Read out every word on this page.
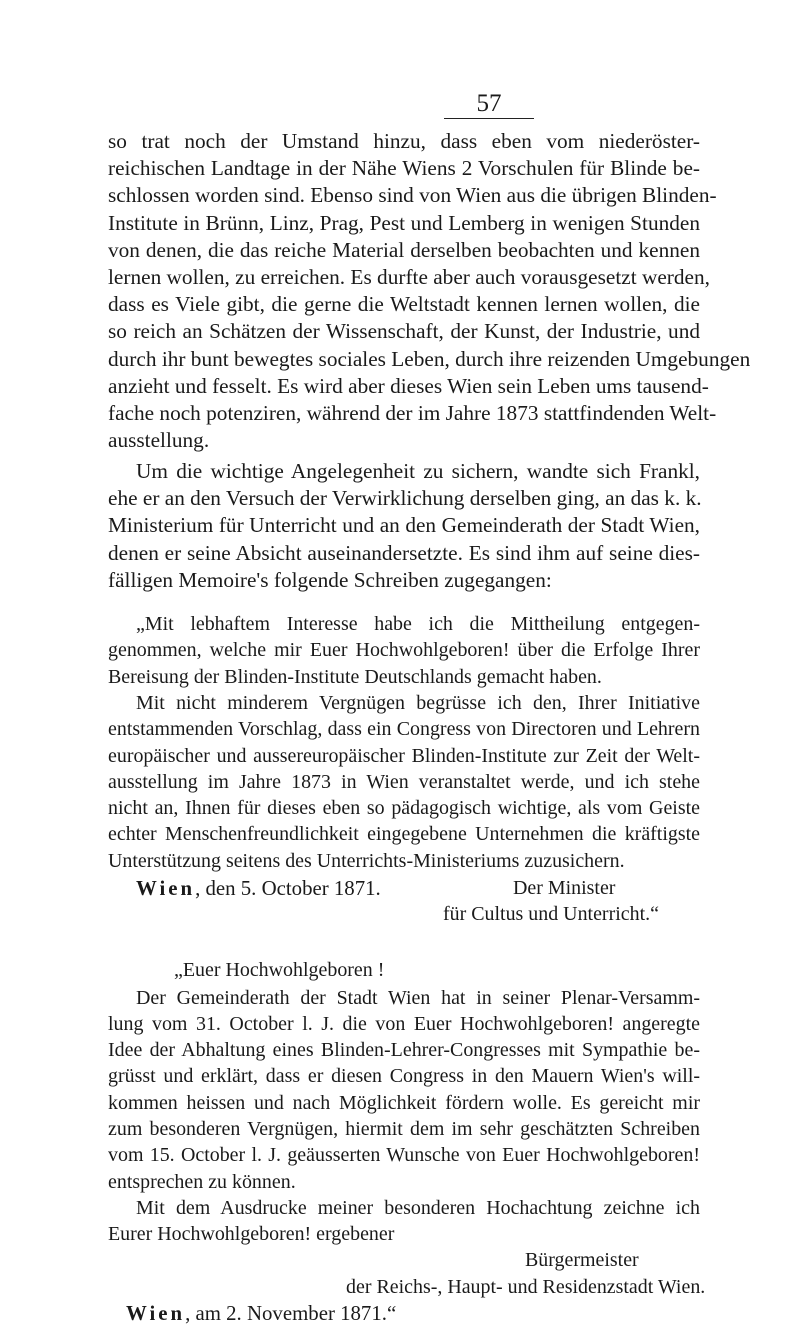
57
so trat noch der Umstand hinzu, dass eben vom niederöster-
reichischen Landtage in der Nähe Wiens 2 Vorschulen für Blinde be-
schlossen worden sind. Ebenso sind von Wien aus die übrigen Blinden-
Institute in Brünn, Linz, Prag, Pest und Lemberg in wenigen Stunden
von denen, die das reiche Material derselben beobachten und kennen
lernen wollen, zu erreichen. Es durfte aber auch vorausgesetzt werden,
dass es Viele gibt, die gerne die Weltstadt kennen lernen wollen, die
so reich an Schätzen der Wissenschaft, der Kunst, der Industrie, und
durch ihr bunt bewegtes sociales Leben, durch ihre reizenden Umgebungen
anzieht und fesselt. Es wird aber dieses Wien sein Leben ums tausend-
fache noch potenziren, während der im Jahre 1873 stattfindenden Welt-
ausstellung.
Um die wichtige Angelegenheit zu sichern, wandte sich Frankl,
ehe er an den Versuch der Verwirklichung derselben ging, an das k. k.
Ministerium für Unterricht und an den Gemeinderath der Stadt Wien,
denen er seine Absicht auseinandersetzte. Es sind ihm auf seine dies-
fälligen Memoire's folgende Schreiben zugegangen:
„Mit lebhaftem Interesse habe ich die Mittheilung entgegen-
genommen, welche mir Euer Hochwohlgeboren! über die Erfolge Ihrer
Bereisung der Blinden-Institute Deutschlands gemacht haben.
Mit nicht minderem Vergnügen begrüsse ich den, Ihrer Initiative
entstammenden Vorschlag, dass ein Congress von Directoren und Lehrern
europäischer und aussereuropäischer Blinden-Institute zur Zeit der Welt-
ausstellung im Jahre 1873 in Wien veranstaltet werde, und ich stehe
nicht an, Ihnen für dieses eben so pädagogisch wichtige, als vom Geiste
echter Menschenfreundlichkeit eingegebene Unternehmen die kräftigste
Unterstützung seitens des Unterrichts-Ministeriums zuzusichern.
Wien, den 5. October 1871.	Der Minister
für Cultus und Unterricht.“
„Euer Hochwohlgeboren !
Der Gemeinderath der Stadt Wien hat in seiner Plenar-Versamm-
lung vom 31. October l. J. die von Euer Hochwohlgeboren! angeregte
Idee der Abhaltung eines Blinden-Lehrer-Congresses mit Sympathie be-
grüsst und erklärt, dass er diesen Congress in den Mauern Wien's will-
kommen heissen und nach Möglichkeit fördern wolle. Es gereicht mir
zum besonderen Vergnügen, hiermit dem im sehr geschätzten Schreiben
vom 15. October l. J. geäusserten Wunsche von Euer Hochwohlgeboren!
entsprechen zu können.
Mit dem Ausdrucke meiner besonderen Hochachtung zeichne ich
Eurer Hochwohlgeboren! ergebener
Bürgermeister
der Reichs-, Haupt- und Residenzstadt Wien.
Wien, am 2. November 1871.“
